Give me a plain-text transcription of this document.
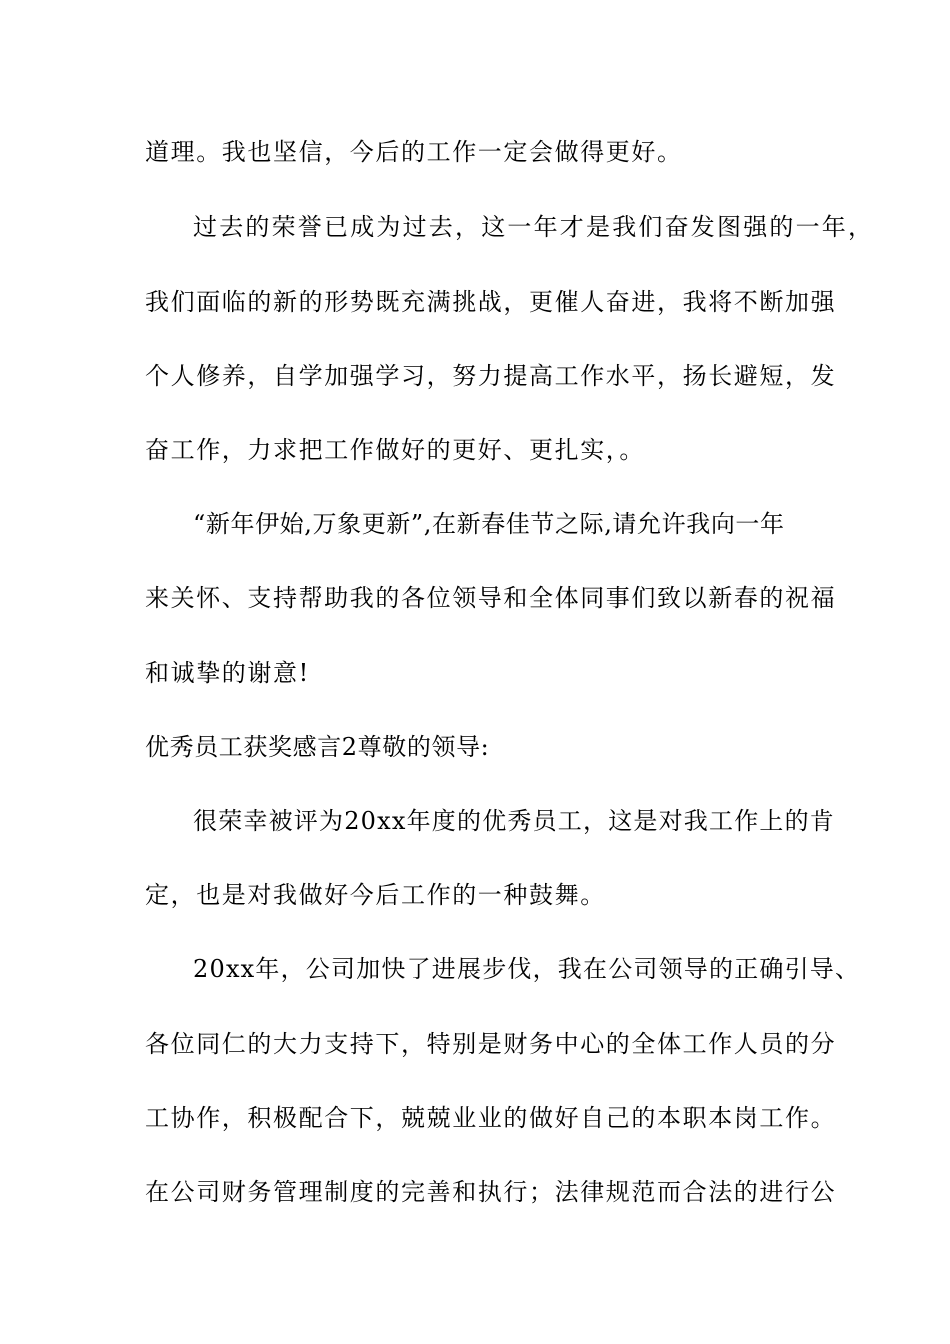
道理。我也坚信，今后的工作一定会做得更好。
过去的荣誉已成为过去，这一年才是我们奋发图强的一年，
我们面临的新的形势既充满挑战，更催人奋进，我将不断加强
个人修养，自学加强学习，努力提高工作水平，扬长避短，发
奋工作，力求把工作做好的更好、更扎实，。
“新年伊始,万象更新”,在新春佳节之际,请允许我向一年
来关怀、支持帮助我的各位领导和全体同事们致以新春的祝福
和诚挚的谢意!
优秀员工获奖感言2尊敬的领导:
很荣幸被评为20xx年度的优秀员工，这是对我工作上的肯
定，也是对我做好今后工作的一种鼓舞。
20xx年，公司加快了进展步伐，我在公司领导的正确引导、
各位同仁的大力支持下，特别是财务中心的全体工作人员的分
工协作，积极配合下，兢兢业业的做好自己的本职本岗工作。
在公司财务管理制度的完善和执行；法律规范而合法的进行公
